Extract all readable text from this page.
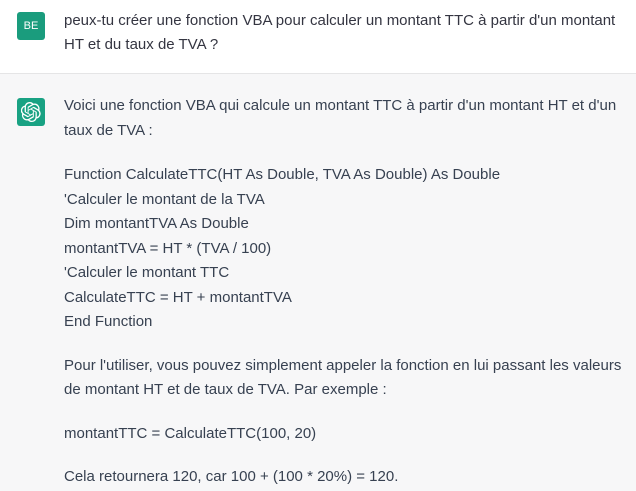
BE peux-tu créer une fonction VBA pour calculer un montant TTC à partir d'un montant HT et du taux de TVA ?

Voici une fonction VBA qui calcule un montant TTC à partir d'un montant HT et d'un taux de TVA :

Function CalculateTTC(HT As Double, TVA As Double) As Double
'Calculer le montant de la TVA
Dim montantTVA As Double
montantTVA = HT * (TVA / 100)
'Calculer le montant TTC
CalculateTTC = HT + montantTVA
End Function

Pour l'utiliser, vous pouvez simplement appeler la fonction en lui passant les valeurs de montant HT et de taux de TVA. Par exemple :

montantTTC = CalculateTTC(100, 20)

Cela retournera 120, car 100 + (100 * 20%) = 120.
